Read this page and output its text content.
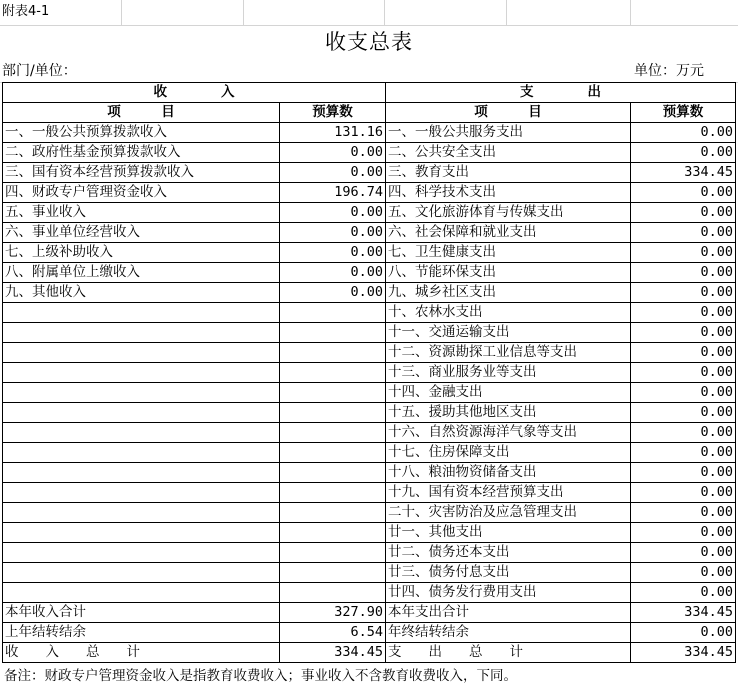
附表4-1
收支总表
部门/单位：	单位：万元
收　　　　入		支　　　　出	
项　　　目	预算数	项　　　目	预算数
一、一般公共预算拨款收入	131.16	一、一般公共服务支出	0.00
二、政府性基金预算拨款收入	0.00	二、公共安全支出	0.00
三、国有资本经营预算拨款收入	0.00	三、教育支出	334.45
四、财政专户管理资金收入	196.74	四、科学技术支出	0.00
五、事业收入	0.00	五、文化旅游体育与传媒支出	0.00
六、事业单位经营收入	0.00	六、社会保障和就业支出	0.00
七、上级补助收入	0.00	七、卫生健康支出	0.00
八、附属单位上缴收入	0.00	八、节能环保支出	0.00
九、其他收入	0.00	九、城乡社区支出	0.00
		十、农林水支出	0.00
		十一、交通运输支出	0.00
		十二、资源勘探工业信息等支出	0.00
		十三、商业服务业等支出	0.00
		十四、金融支出	0.00
		十五、援助其他地区支出	0.00
		十六、自然资源海洋气象等支出	0.00
		十七、住房保障支出	0.00
		十八、粮油物资储备支出	0.00
		十九、国有资本经营预算支出	0.00
		二十、灾害防治及应急管理支出	0.00
		廿一、其他支出	0.00
		廿二、债务还本支出	0.00
		廿三、债务付息支出	0.00
		廿四、债务发行费用支出	0.00
本年收入合计	327.90	本年支出合计	334.45
上年结转结余	6.54	年终结转结余	0.00
收　　入　　总　　计	334.45	支　　出　　总　　计	334.45
备注：财政专户管理资金收入是指教育收费收入；事业收入不含教育收费收入，下同。
